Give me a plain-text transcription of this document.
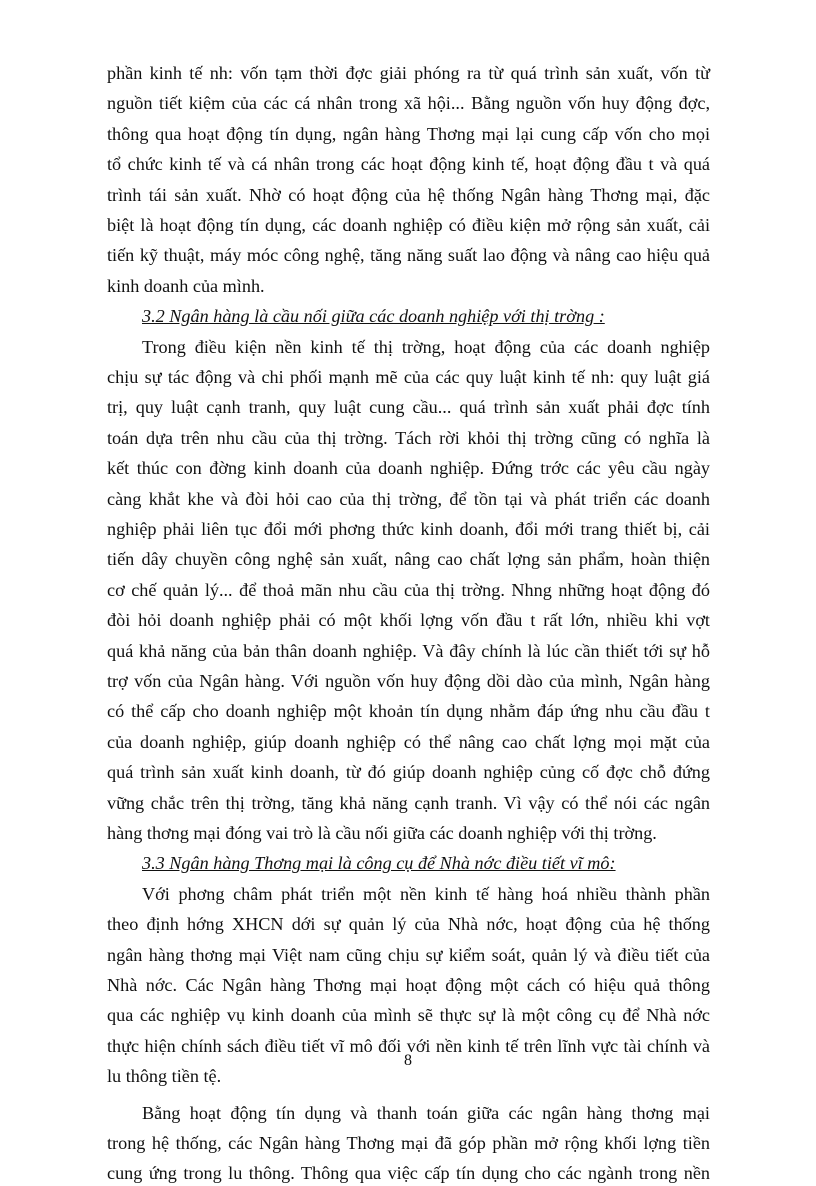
phần kinh tế nh: vốn tạm thời đợc giải phóng ra từ quá trình sản xuất, vốn từ
nguồn tiết kiệm của các cá nhân trong xã hội... Bằng nguồn vốn huy động đợc,
thông qua hoạt động tín dụng, ngân hàng Thơng mại lại cung cấp vốn cho mọi
tổ chức kinh tế và cá nhân trong các hoạt động kinh tế, hoạt động đầu t và quá
trình tái sản xuất. Nhờ có hoạt động của hệ thống Ngân hàng Thơng mại, đặc
biệt là hoạt động tín dụng, các doanh nghiệp có điều kiện mở rộng sản xuất, cải
tiến kỹ thuật, máy móc công nghệ, tăng năng suất lao động và nâng cao hiệu quả
kinh doanh của mình.
3.2 Ngân hàng là cầu nối giữa các doanh nghiệp với thị trờng :
Trong điều kiện nền kinh tế thị trờng, hoạt động của các doanh nghiệp
chịu sự tác động và chi phối mạnh mẽ của các quy luật kinh tế nh: quy luật giá
trị, quy luật cạnh tranh, quy luật cung cầu... quá trình sản xuất phải đợc tính
toán dựa trên nhu cầu của thị trờng. Tách rời khỏi thị trờng cũng có nghĩa là
kết thúc con đờng kinh doanh của doanh nghiệp. Đứng trớc các yêu cầu ngày
càng khắt khe và đòi hỏi cao của thị trờng, để tồn tại và phát triển các doanh
nghiệp phải liên tục đổi mới phơng thức kinh doanh, đổi mới trang thiết bị, cải
tiến dây chuyền công nghệ sản xuất, nâng cao chất lợng sản phẩm, hoàn thiện
cơ chế quản lý... để thoả mãn nhu cầu của thị trờng. Nhng những hoạt động đó
đòi hỏi doanh nghiệp phải có một khối lợng vốn đầu t rất lớn, nhiều khi vợt
quá khả năng của bản thân doanh nghiệp. Và đây chính là lúc cần thiết tới sự hỗ
trợ vốn của Ngân hàng. Với nguồn vốn huy động dồi dào của mình, Ngân hàng
có thể cấp cho doanh nghiệp một khoản tín dụng nhằm đáp ứng nhu cầu đầu t
của doanh nghiệp, giúp doanh nghiệp có thể nâng cao chất lợng mọi mặt của
quá trình sản xuất kinh doanh, từ đó giúp doanh nghiệp củng cố đợc chỗ đứng
vững chắc trên thị trờng, tăng khả năng cạnh tranh. Vì vậy có thể nói các ngân
hàng thơng mại đóng vai trò là cầu nối giữa các doanh nghiệp với thị trờng.
3.3 Ngân hàng Thơng mại là công cụ để Nhà nớc điều tiết vĩ mô:
Với phơng châm phát triển một nền kinh tế hàng hoá nhiều thành phần
theo định hớng XHCN dới sự quản lý của Nhà nớc, hoạt động của hệ thống
ngân hàng thơng mại Việt nam cũng chịu sự kiểm soát, quản lý và điều tiết của
Nhà nớc. Các Ngân hàng Thơng mại hoạt động một cách có hiệu quả thông
qua các nghiệp vụ kinh doanh của mình sẽ thực sự là một công cụ để Nhà nớc
thực hiện chính sách điều tiết vĩ mô đối với nền kinh tế trên lĩnh vực tài chính và
lu thông tiền tệ.
Bằng hoạt động tín dụng và thanh toán giữa các ngân hàng thơng mại
trong hệ thống, các Ngân hàng Thơng mại đã góp phần mở rộng khối lợng tiền
cung ứng trong lu thông. Thông qua việc cấp tín dụng cho các ngành trong nền
8
